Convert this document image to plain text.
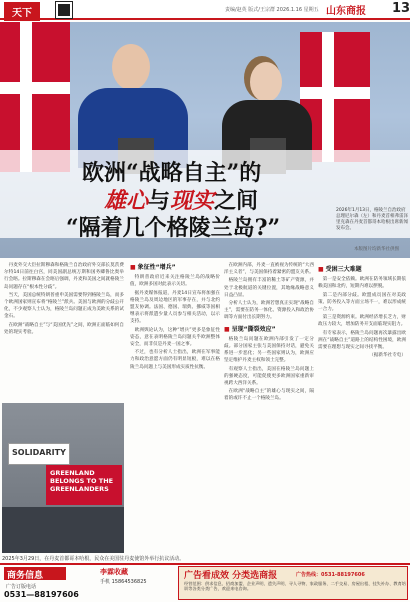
天下	责编/赵英 版式/王宗群 2026.1.16 星期五 山东商报 13
欧洲“战略自主”的
雄心与现实之间
“隔着几个格陵兰岛?”
2026年1月13日，格陵兰自治政府总理尼尔森（左）和丹麦首相弗雷泽里克森在丹麦首都哥本哈根出席新闻发布会。
本版图片均新华社供图

丹麦外交大臣拉斯穆森和格陵兰自治政府外交部长莫茨费尔特14日前往白宫，同美国副总统万斯和国务卿鲁比奥举行会晤。拉斯穆森在会晤后强调，丹麦和美国之间就格陵兰岛问题存在“根本性分歧”。

当天，美国总统特朗普重申美国需要得到格陵兰岛，而多个欧洲国家则宣布将“格陵兰”派兵。美国与欧洲的分歧公开化，不少观察人士认为，格陵兰岛问题正成为美欧关系的试金石。

在欧洲“战略自主”与“美国优先”之间，欧洲正面临如何自处的现实考验。

■ 象征性“增兵”

特朗普政府近来关注格陵兰岛的战略价值，欧洲多国对此表示关切。

据丹麦媒体报道，丹麦14日宣布将加强在格陵兰岛及周边地区的军事存在，并与北约盟友协调。法国、德国、瑞典、挪威等国相继表示将派遣少量人员参与相关活动，以示支持。

欧洲舆论认为，这种“增兵”更多是象征性姿态，意在表明格陵兰岛问题关乎欧洲整体安全，而非仅是丹麦一国之事。

不过，也有分析人士指出，欧洲在军事能力和政治意愿方面仍有明显短板，难以在格陵兰岛问题上与美国形成实质性抗衡。

在欧洲内部，丹麦一直被视为传统的“大西洋主义者”，与美国保持着紧密的盟友关系。

格陵兰岛拥有丰富的稀土等矿产资源，并处于北极航道的关键位置，其地缘战略意义日益凸显。

分析人士认为，欧洲若想真正实现“战略自主”，需要在防务一体化、资源投入和政治协调等方面付出长期努力。

■ 呈现“撕裂效应”

格陵兰岛问题在欧洲内部引发了一定分歧。部分国家主张与美国保持对话，避免关系进一步恶化；另一些国家则认为，欧洲应坚定维护丹麦主权和领土完整。

有观察人士指出，美国在格陵兰岛问题上的强硬态度，可能促使更多欧洲国家重新审视跨大西洋关系。

在欧洲“战略自主”的雄心与现实之间，隔着的或许不止一个格陵兰岛。

■ 受困三大难题

第一是安全依赖。欧洲在防务领域长期依赖美国和北约，短期内难以摆脱。

第二是内部分歧。欧盟成员国在对美政策、防务投入等方面立场不一，难以形成统一合力。

第三是资源约束。欧洲经济增长乏力，财政压力较大，增加防务开支面临现实阻力。

有专家表示，格陵兰岛问题再次暴露出欧洲在“战略自主”道路上的结构性困境，欧洲需要在理想与现实之间寻找平衡。

（据新华社专电）

SOLIDARITY
GREENLAND BELONGS TO THE GREENLANDERS
2025年3月29日，在丹麦首都哥本哈根，民众在美国驻丹麦使馆外举行抗议活动。
商务信息
广告订版电话
0531—88197606
李霖收藏
手机 15864536825
广告看成效 分类选商报	广告热线：0531-88197606
经营范围：供求信息、招商加盟、企业声明、遗失声明、寻人寻物、家政服务、二手交易、房屋出租、挂失补办、教育培训等各类分类广告，欢迎来电咨询。
